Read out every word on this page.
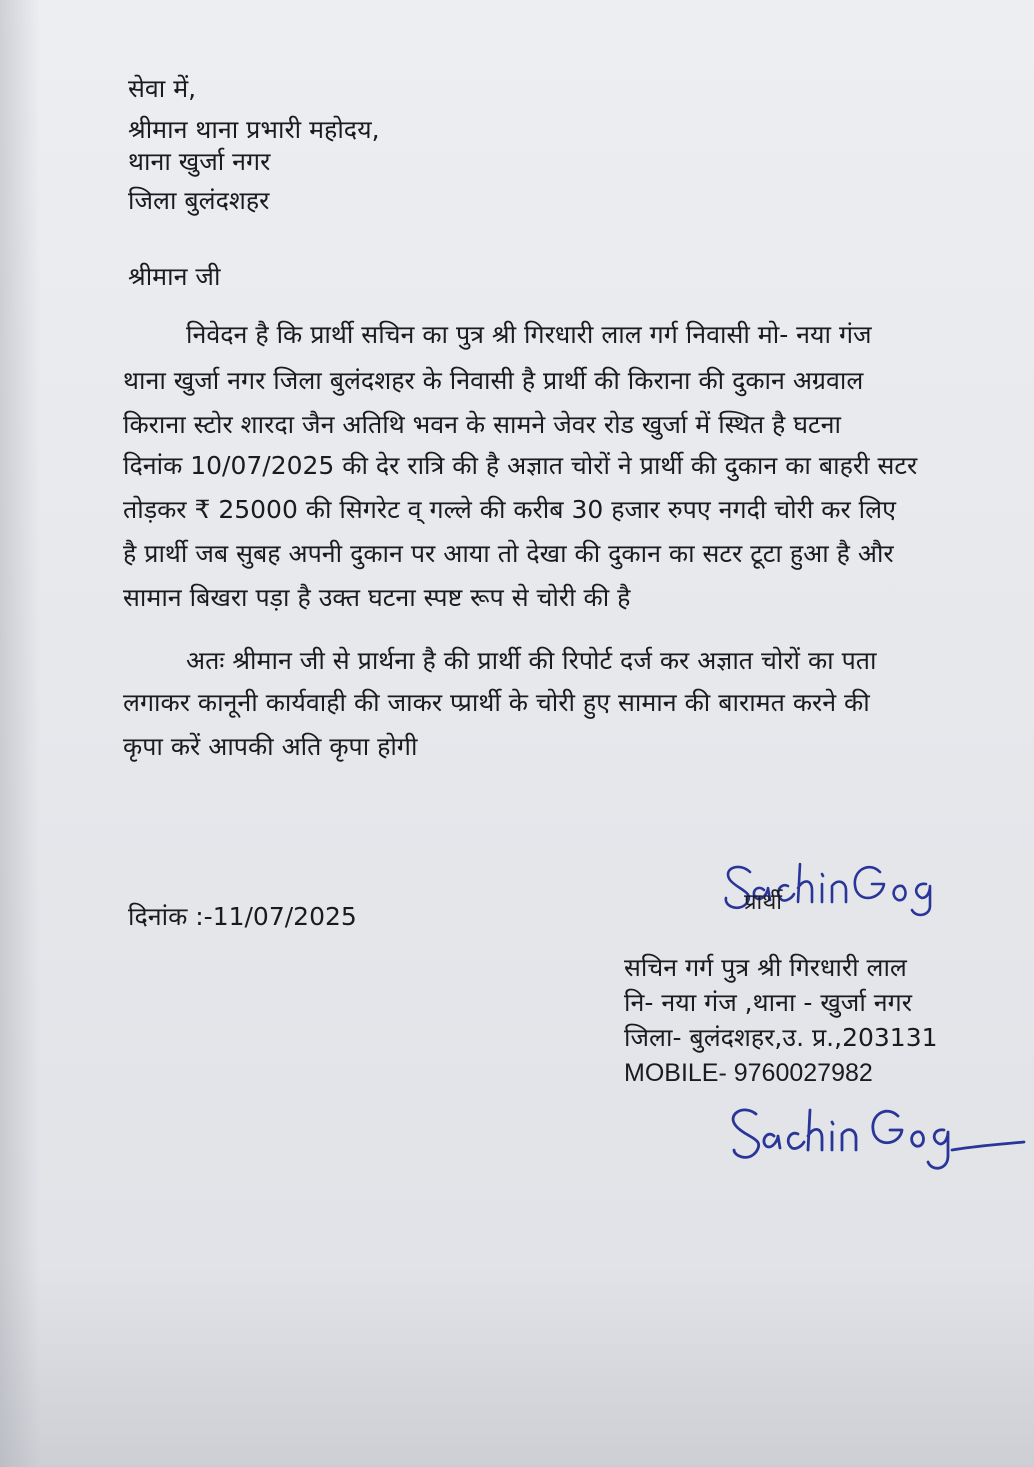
सेवा में,
श्रीमान थाना प्रभारी महोदय,
थाना खुर्जा नगर
जिला बुलंदशहर
श्रीमान जी
निवेदन है कि प्रार्थी सचिन का पुत्र श्री गिरधारी लाल गर्ग निवासी मो- नया गंज
थाना खुर्जा नगर जिला बुलंदशहर के निवासी है प्रार्थी की किराना की दुकान अग्रवाल
किराना स्टोर शारदा जैन अतिथि भवन के सामने जेवर रोड खुर्जा में स्थित है घटना
दिनांक 10/07/2025 की देर रात्रि की है अज्ञात चोरों ने प्रार्थी की दुकान का बाहरी सटर
तोड़कर ₹ 25000 की सिगरेट व् गल्ले की करीब 30 हजार रुपए नगदी चोरी कर लिए
है प्रार्थी जब सुबह अपनी दुकान पर आया तो देखा की दुकान का सटर टूटा हुआ है और
सामान बिखरा पड़ा है उक्त घटना स्पष्ट रूप से चोरी की है
अतः श्रीमान जी से प्रार्थना है की प्रार्थी की रिपोर्ट दर्ज कर अज्ञात चोरों का पता
लगाकर कानूनी कार्यवाही की जाकर प्प्रार्थी के चोरी हुए सामान की बारामत करने की
कृपा करें आपकी अति कृपा होगी
दिनांक :-11/07/2025	प्रार्थी
सचिन गर्ग पुत्र श्री गिरधारी लाल
नि- नया गंज ,थाना - खुर्जा नगर
जिला- बुलंदशहर,उ. प्र.,203131
MOBILE- 9760027982
